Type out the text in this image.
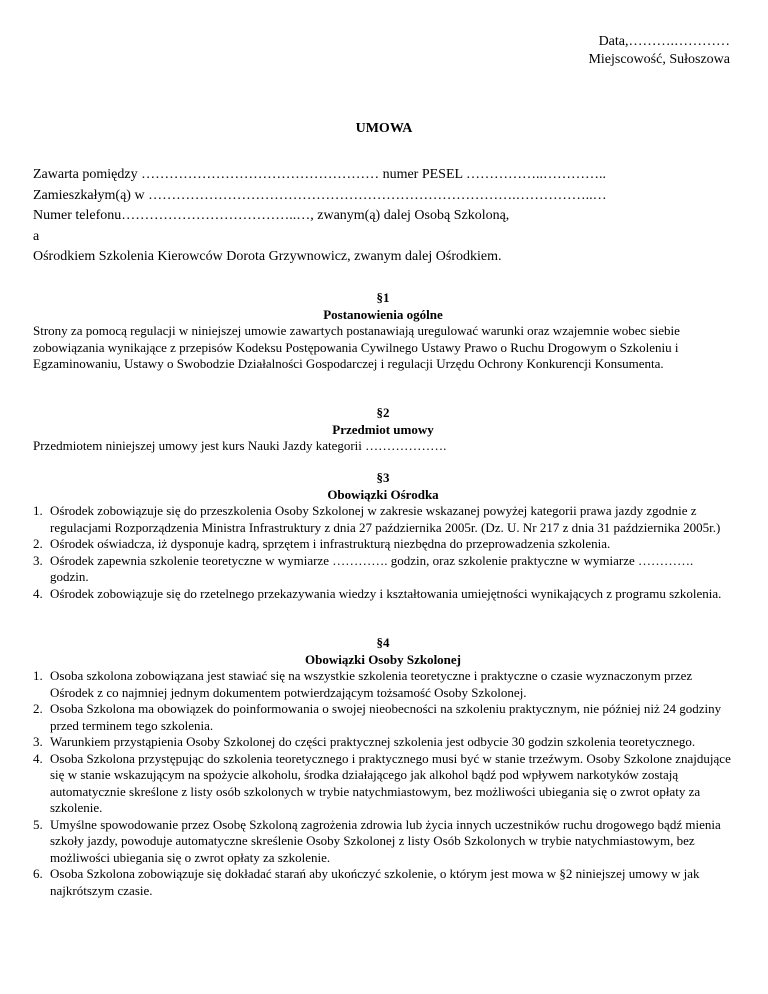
Data,……….…………
Miejscowość, Sułoszowa
UMOWA
Zawarta pomiędzy …………………………………………… numer PESEL ……………..…………..
Zamieszkałym(ą) w …………………………………………………………………….……………..…
Numer telefonu………………………………..…, zwanym(ą) dalej Osobą Szkoloną,
a
Ośrodkiem Szkolenia Kierowców Dorota Grzywnowicz, zwanym dalej Ośrodkiem.
§1
Postanowienia ogólne

Strony za pomocą regulacji w niniejszej umowie zawartych postanawiają uregulować warunki oraz wzajemnie wobec siebie zobowiązania wynikające z przepisów Kodeksu Postępowania Cywilnego Ustawy Prawo o Ruchu Drogowym o Szkoleniu i Egzaminowaniu, Ustawy o Swobodzie Działalności Gospodarczej i regulacji Urzędu Ochrony Konkurencji Konsumenta.

§2
Przedmiot umowy

Przedmiotem niniejszej umowy jest kurs Nauki Jazdy kategorii ……………….

§3
Obowiązki Ośrodka
1. Ośrodek zobowiązuje się do przeszkolenia Osoby Szkolonej w zakresie wskazanej powyżej kategorii prawa jazdy zgodnie z regulacjami Rozporządzenia Ministra Infrastruktury z dnia 27 października 2005r. (Dz. U. Nr 217 z dnia 31 października 2005r.)
2. Ośrodek oświadcza, iż dysponuje kadrą, sprzętem i infrastrukturą niezbędna do przeprowadzenia szkolenia.
3. Ośrodek zapewnia szkolenie teoretyczne w wymiarze …………. godzin, oraz szkolenie praktyczne w wymiarze …………. godzin.
4. Ośrodek zobowiązuje się do rzetelnego przekazywania wiedzy i kształtowania umiejętności wynikających z programu szkolenia.
§4
Obowiązki Osoby Szkolonej
1. Osoba szkolona zobowiązana jest stawiać się na wszystkie szkolenia teoretyczne i praktyczne o czasie wyznaczonym przez Ośrodek z co najmniej jednym dokumentem potwierdzającym tożsamość Osoby Szkolonej.
2. Osoba Szkolona ma obowiązek do poinformowania o swojej nieobecności na szkoleniu praktycznym, nie później niż 24 godziny przed terminem tego szkolenia.
3. Warunkiem przystąpienia Osoby Szkolonej do części praktycznej szkolenia jest odbycie 30 godzin szkolenia teoretycznego.
4. Osoba Szkolona przystępując do szkolenia teoretycznego i praktycznego musi być w stanie trzeźwym. Osoby Szkolone znajdujące się w stanie wskazującym na spożycie alkoholu, środka działającego jak alkohol bądź pod wpływem narkotyków zostają automatycznie skreślone z listy osób szkolonych w trybie natychmiastowym, bez możliwości ubiegania się o zwrot opłaty za szkolenie.
5. Umyślne spowodowanie przez Osobę Szkoloną zagrożenia zdrowia lub życia innych uczestników ruchu drogowego bądź mienia szkoły jazdy, powoduje automatyczne skreślenie Osoby Szkolonej z listy Osób Szkolonych w trybie natychmiastowym, bez możliwości ubiegania się o zwrot opłaty za szkolenie.
6. Osoba Szkolona zobowiązuje się dokładać starań aby ukończyć szkolenie, o którym jest mowa w §2 niniejszej umowy w jak najkrótszym czasie.
